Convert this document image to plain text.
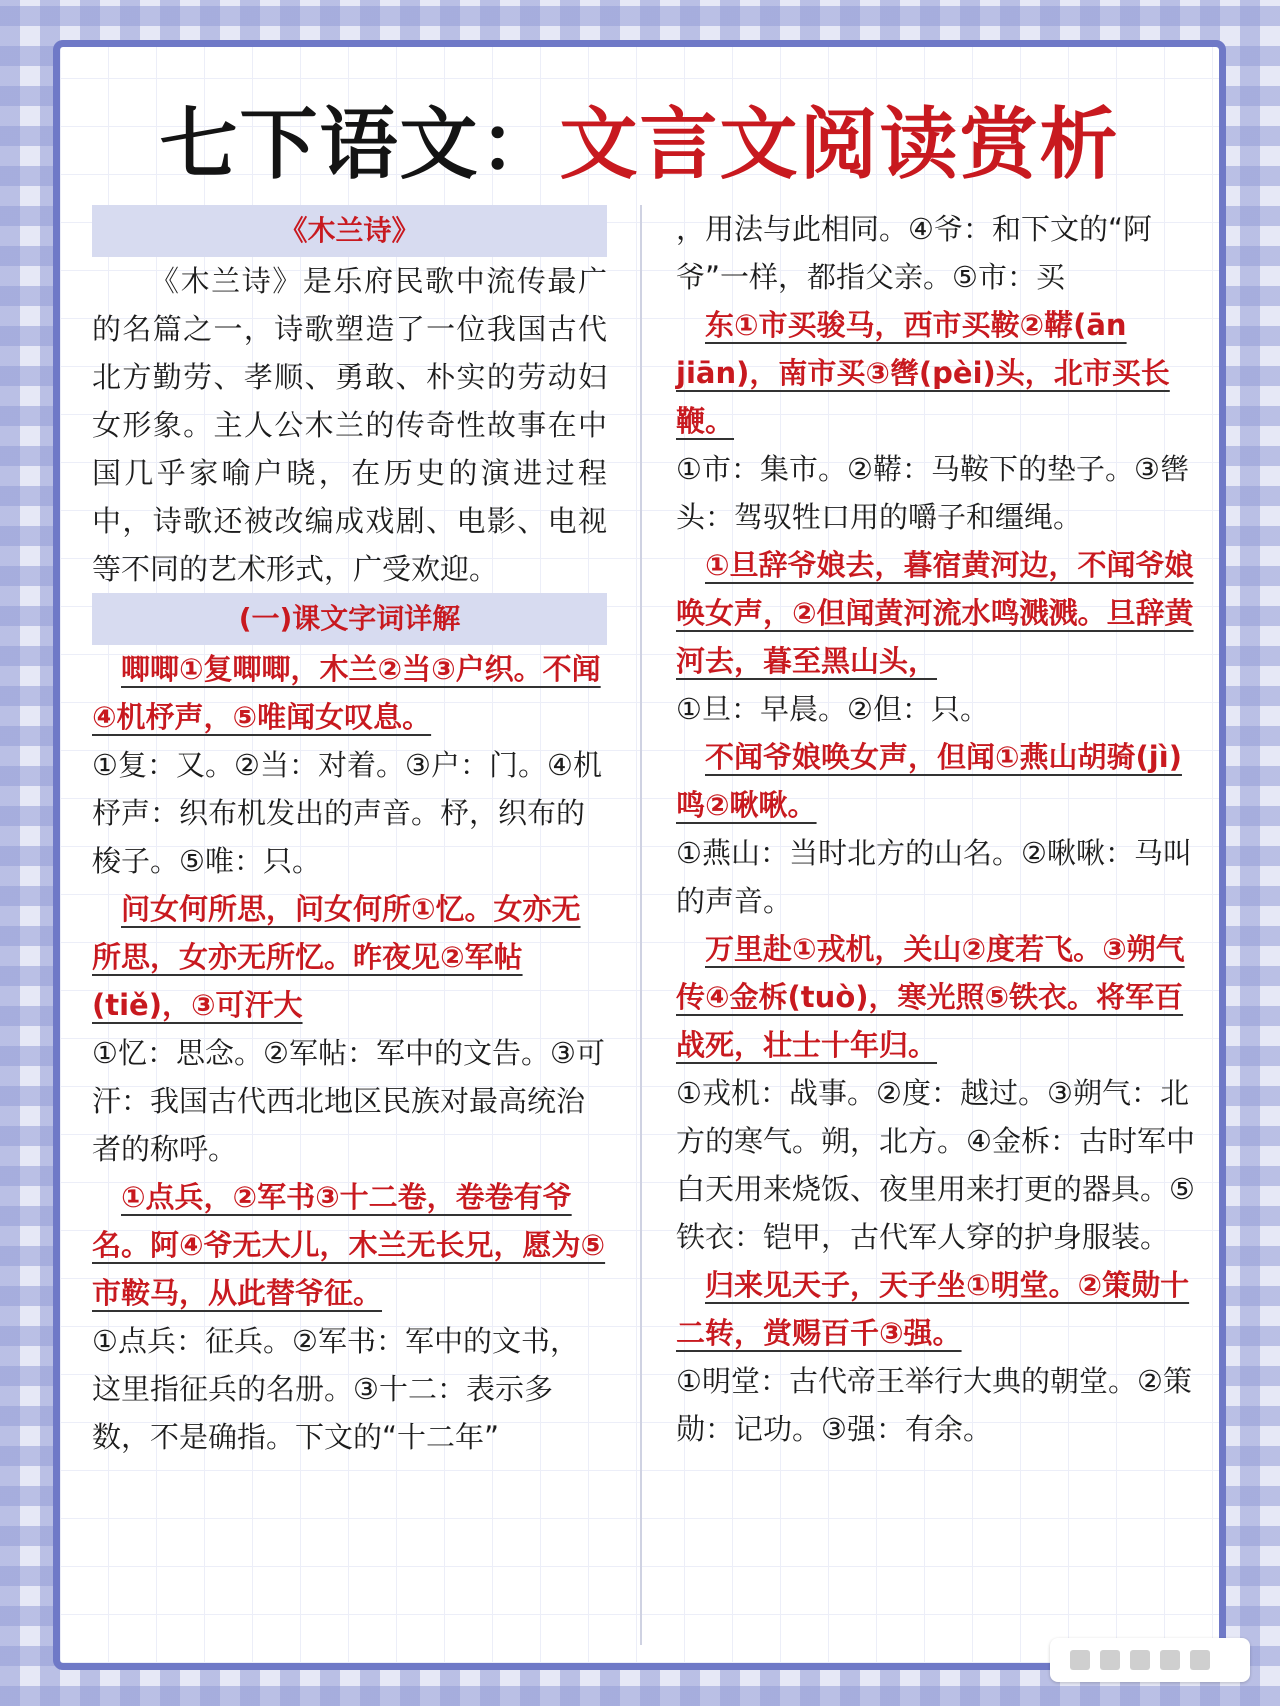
七下语文：文言文阅读赏析

《木兰诗》

《木兰诗》是乐府民歌中流传最广的名篇之一，诗歌塑造了一位我国古代北方勤劳、孝顺、勇敢、朴实的劳动妇女形象。主人公木兰的传奇性故事在中国几乎家喻户晓，在历史的演进过程中，诗歌还被改编成戏剧、电影、电视等不同的艺术形式，广受欢迎。

(一)课文字词详解

唧唧①复唧唧，木兰②当③户织。不闻④机杼声，⑤唯闻女叹息。

①复：又。②当：对着。③户：门。④机杼声：织布机发出的声音。杼，织布的梭子。⑤唯：只。

问女何所思，问女何所①忆。女亦无所思，女亦无所忆。昨夜见②军帖(tiě)，③可汗大

①忆：思念。②军帖：军中的文告。③可汗：我国古代西北地区民族对最高统治者的称呼。

①点兵，②军书③十二卷，卷卷有爷名。阿④爷无大儿，木兰无长兄，愿为⑤市鞍马，从此替爷征。

①点兵：征兵。②军书：军中的文书，这里指征兵的名册。③十二：表示多数，不是确指。下文的“十二年”

，用法与此相同。④爷：和下文的“阿爷”一样，都指父亲。⑤市：买

东①市买骏马，西市买鞍②鞯(ān jiān)，南市买③辔(pèi)头，北市买长鞭。

①市：集市。②鞯：马鞍下的垫子。③辔头：驾驭牲口用的嚼子和缰绳。

①旦辞爷娘去，暮宿黄河边，不闻爷娘唤女声，②但闻黄河流水鸣溅溅。旦辞黄河去，暮至黑山头，

①旦：早晨。②但：只。

不闻爷娘唤女声，但闻①燕山胡骑(jì)鸣②啾啾。

①燕山：当时北方的山名。②啾啾：马叫的声音。

万里赴①戎机，关山②度若飞。③朔气传④金柝(tuò)，寒光照⑤铁衣。将军百战死，壮士十年归。

①戎机：战事。②度：越过。③朔气：北方的寒气。朔，北方。④金柝：古时军中白天用来烧饭、夜里用来打更的器具。⑤铁衣：铠甲，古代军人穿的护身服装。

归来见天子，天子坐①明堂。②策勋十二转，赏赐百千③强。

①明堂：古代帝王举行大典的朝堂。②策勋：记功。③强：有余。
